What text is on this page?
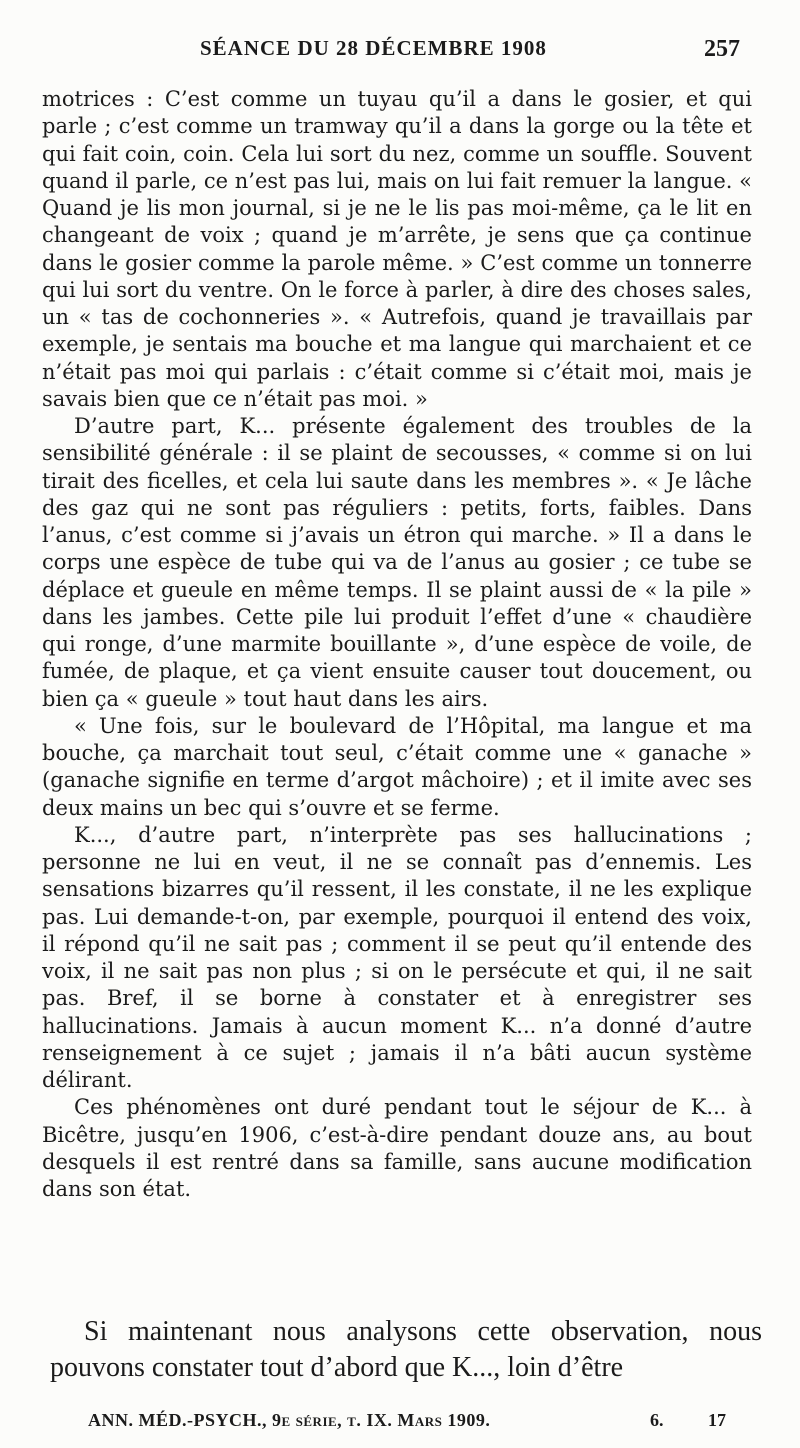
SÉANCE DU 28 DÉCEMBRE 1908	257

motrices : C’est comme un tuyau qu’il a dans le gosier, et qui parle ; c’est comme un tramway qu’il a dans la gorge ou la tête et qui fait coin, coin. Cela lui sort du nez, comme un souffle. Souvent quand il parle, ce n’est pas lui, mais on lui fait remuer la langue. « Quand je lis mon journal, si je ne le lis pas moi-même, ça le lit en changeant de voix ; quand je m’arrête, je sens que ça continue dans le gosier comme la parole même. » C’est comme un tonnerre qui lui sort du ventre. On le force à parler, à dire des choses sales, un « tas de cochonneries ». « Autrefois, quand je travaillais par exemple, je sentais ma bouche et ma langue qui marchaient et ce n’était pas moi qui parlais : c’était comme si c’était moi, mais je savais bien que ce n’était pas moi. »

D’autre part, K... présente également des troubles de la sensibilité générale : il se plaint de secousses, « comme si on lui tirait des ficelles, et cela lui saute dans les membres ». « Je lâche des gaz qui ne sont pas réguliers : petits, forts, faibles. Dans l’anus, c’est comme si j’avais un étron qui marche. » Il a dans le corps une espèce de tube qui va de l’anus au gosier ; ce tube se déplace et gueule en même temps. Il se plaint aussi de « la pile » dans les jambes. Cette pile lui produit l’effet d’une « chaudière qui ronge, d’une marmite bouillante », d’une espèce de voile, de fumée, de plaque, et ça vient ensuite causer tout doucement, ou bien ça « gueule » tout haut dans les airs.

« Une fois, sur le boulevard de l’Hôpital, ma langue et ma bouche, ça marchait tout seul, c’était comme une « ganache » (ganache signifie en terme d’argot mâchoire) ; et il imite avec ses deux mains un bec qui s’ouvre et se ferme.

K..., d’autre part, n’interprète pas ses hallucinations ; personne ne lui en veut, il ne se connaît pas d’ennemis. Les sensations bizarres qu’il ressent, il les constate, il ne les explique pas. Lui demande-t-on, par exemple, pourquoi il entend des voix, il répond qu’il ne sait pas ; comment il se peut qu’il entende des voix, il ne sait pas non plus ; si on le persécute et qui, il ne sait pas. Bref, il se borne à constater et à enregistrer ses hallucinations. Jamais à aucun moment K... n’a donné d’autre renseignement à ce sujet ; jamais il n’a bâti aucun système délirant.

Ces phénomènes ont duré pendant tout le séjour de K... à Bicêtre, jusqu’en 1906, c’est-à-dire pendant douze ans, au bout desquels il est rentré dans sa famille, sans aucune modification dans son état.

Si maintenant nous analysons cette observation, nous pouvons constater tout d’abord que K..., loin d’être

ANN. MÉD.-PSYCH., 9e série, t. IX. Mars 1909.	6. 17
